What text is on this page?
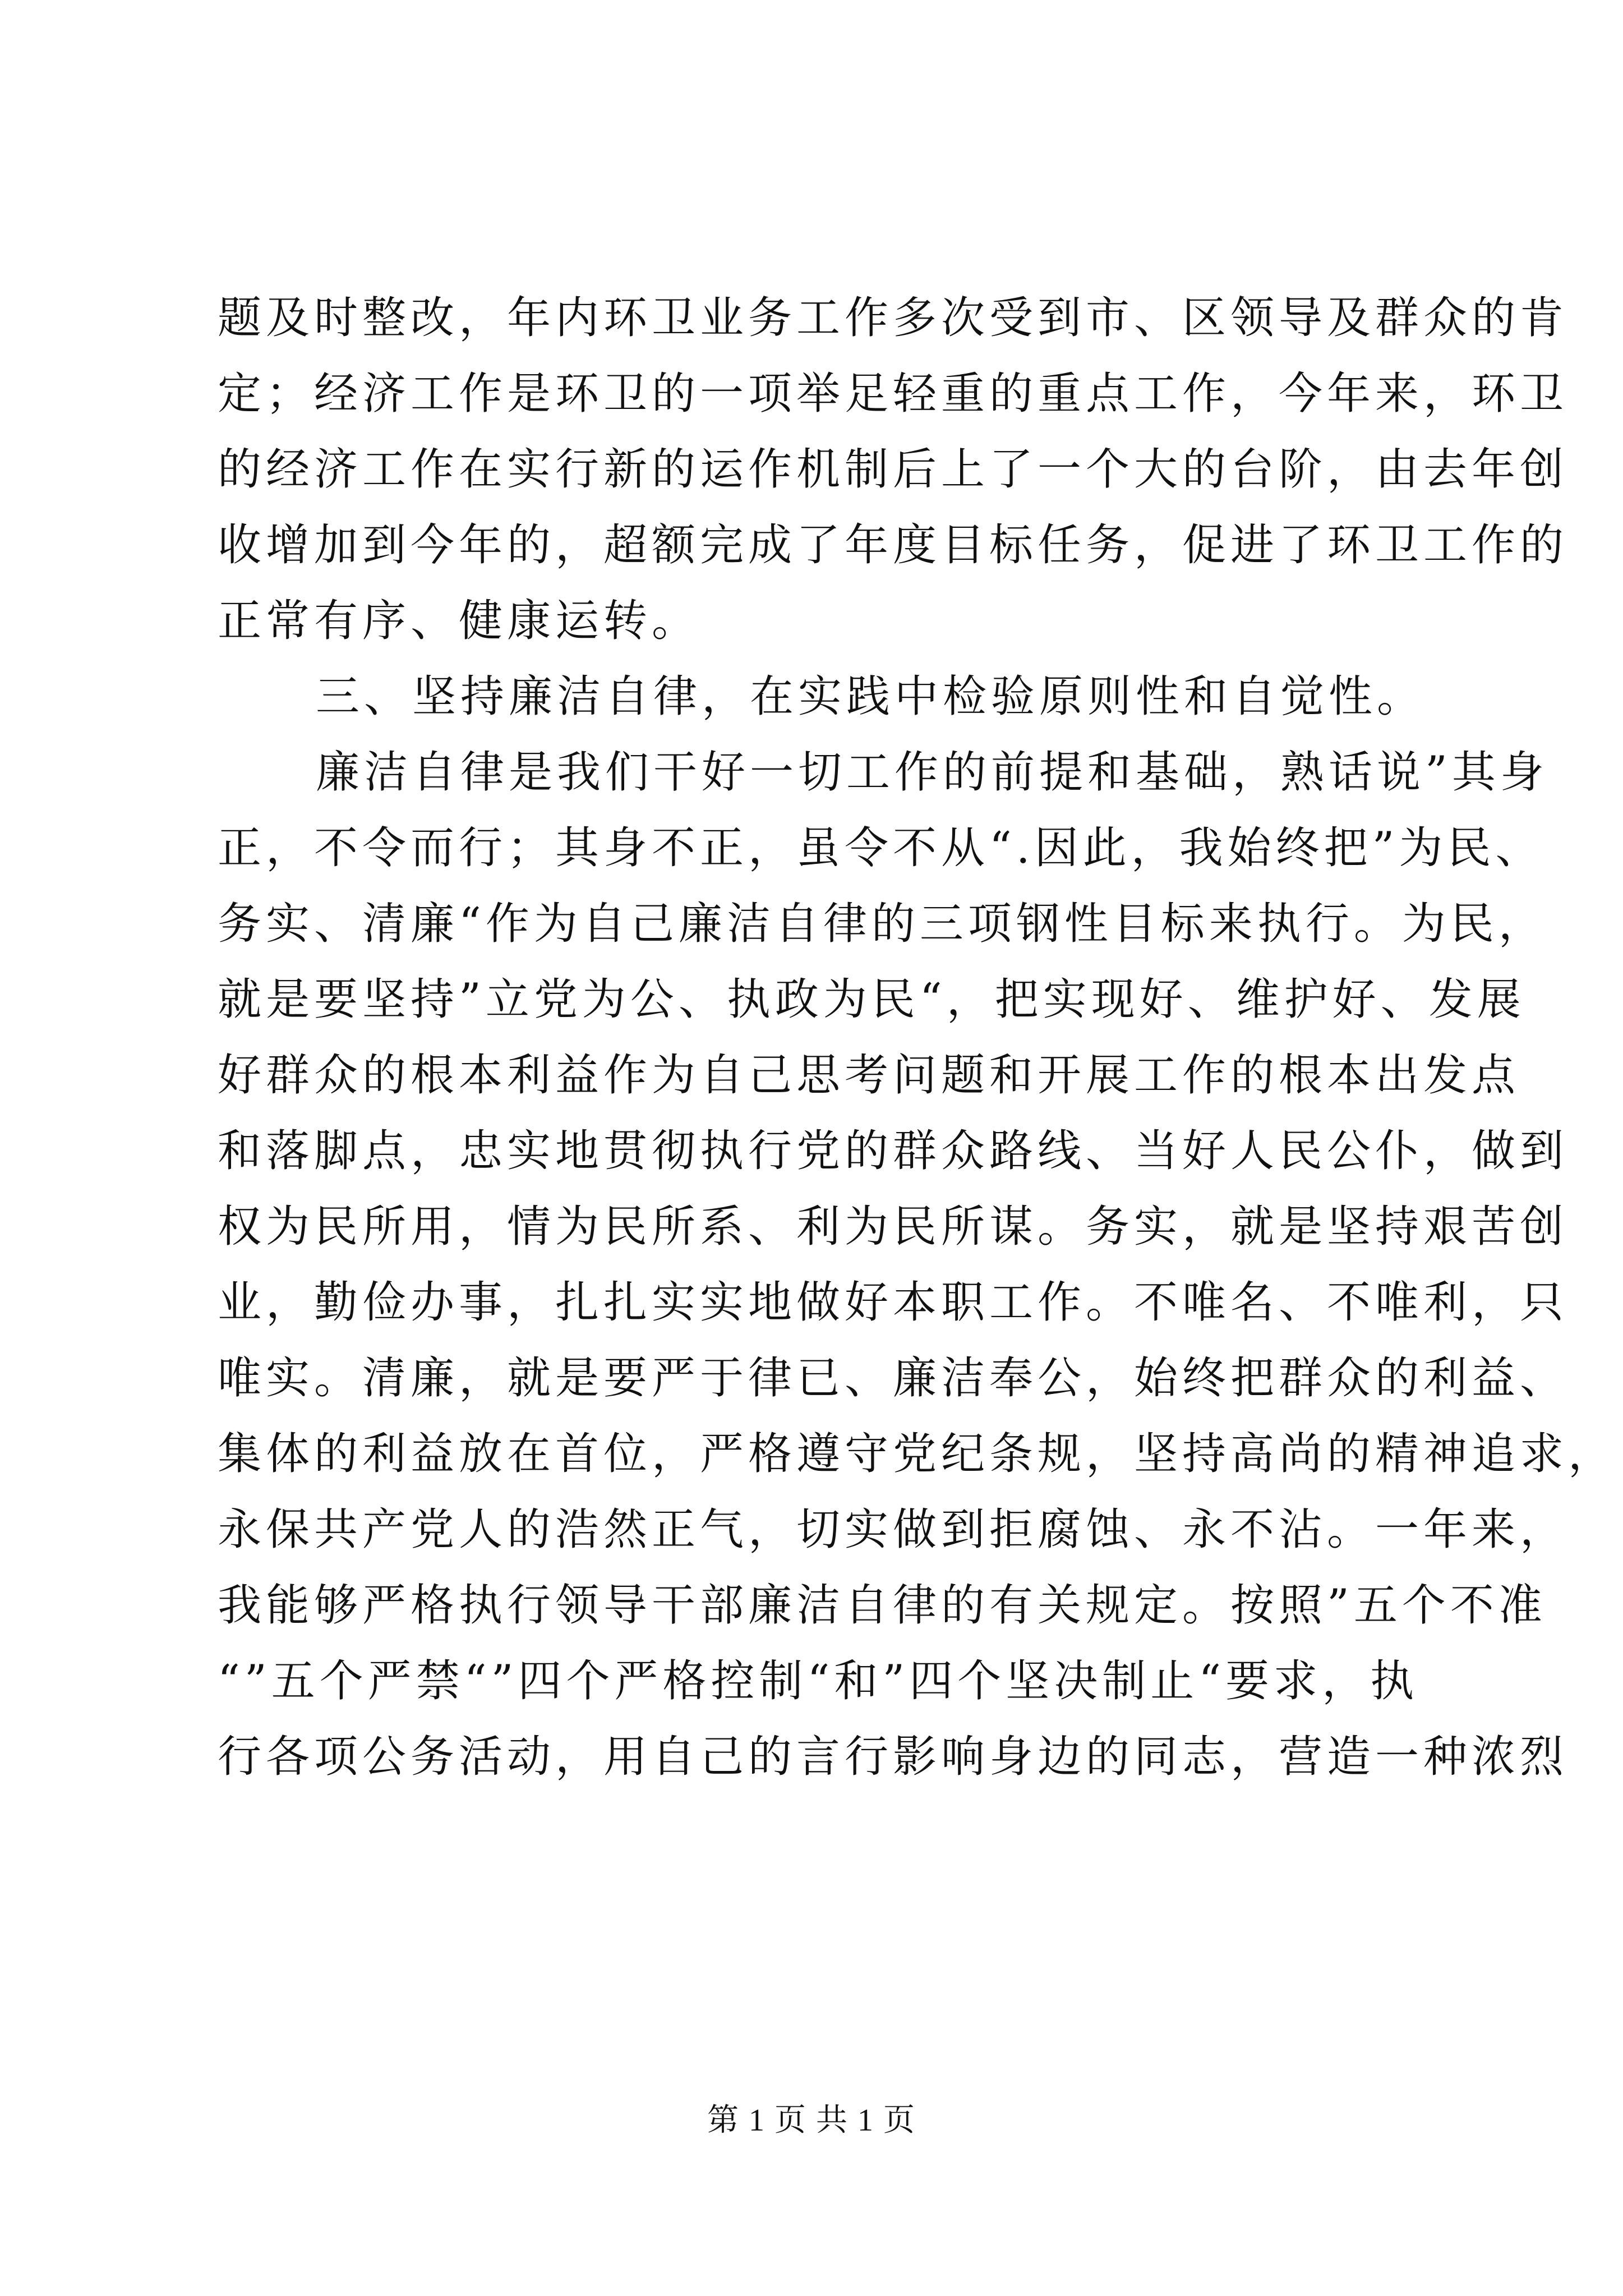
题及时整改，年内环卫业务工作多次受到市、区领导及群众的肯
定；经济工作是环卫的一项举足轻重的重点工作，今年来，环卫
的经济工作在实行新的运作机制后上了一个大的台阶，由去年创
收增加到今年的，超额完成了年度目标任务，促进了环卫工作的
正常有序、健康运转。
三、坚持廉洁自律，在实践中检验原则性和自觉性。
廉洁自律是我们干好一切工作的前提和基础，熟话说”其身
正，不令而行；其身不正，虽令不从“.因此，我始终把”为民、
务实、清廉“作为自己廉洁自律的三项钢性目标来执行。为民，
就是要坚持”立党为公、执政为民“，把实现好、维护好、发展
好群众的根本利益作为自己思考问题和开展工作的根本出发点
和落脚点，忠实地贯彻执行党的群众路线、当好人民公仆，做到
权为民所用，情为民所系、利为民所谋。务实，就是坚持艰苦创
业，勤俭办事，扎扎实实地做好本职工作。不唯名、不唯利，只
唯实。清廉，就是要严于律已、廉洁奉公，始终把群众的利益、
集体的利益放在首位，严格遵守党纪条规，坚持高尚的精神追求，
永保共产党人的浩然正气，切实做到拒腐蚀、永不沾。一年来，
我能够严格执行领导干部廉洁自律的有关规定。按照”五个不准
“”五个严禁“”四个严格控制“和”四个坚决制止“要求，执
行各项公务活动，用自己的言行影响身边的同志，营造一种浓烈
第 1 页 共 1 页
